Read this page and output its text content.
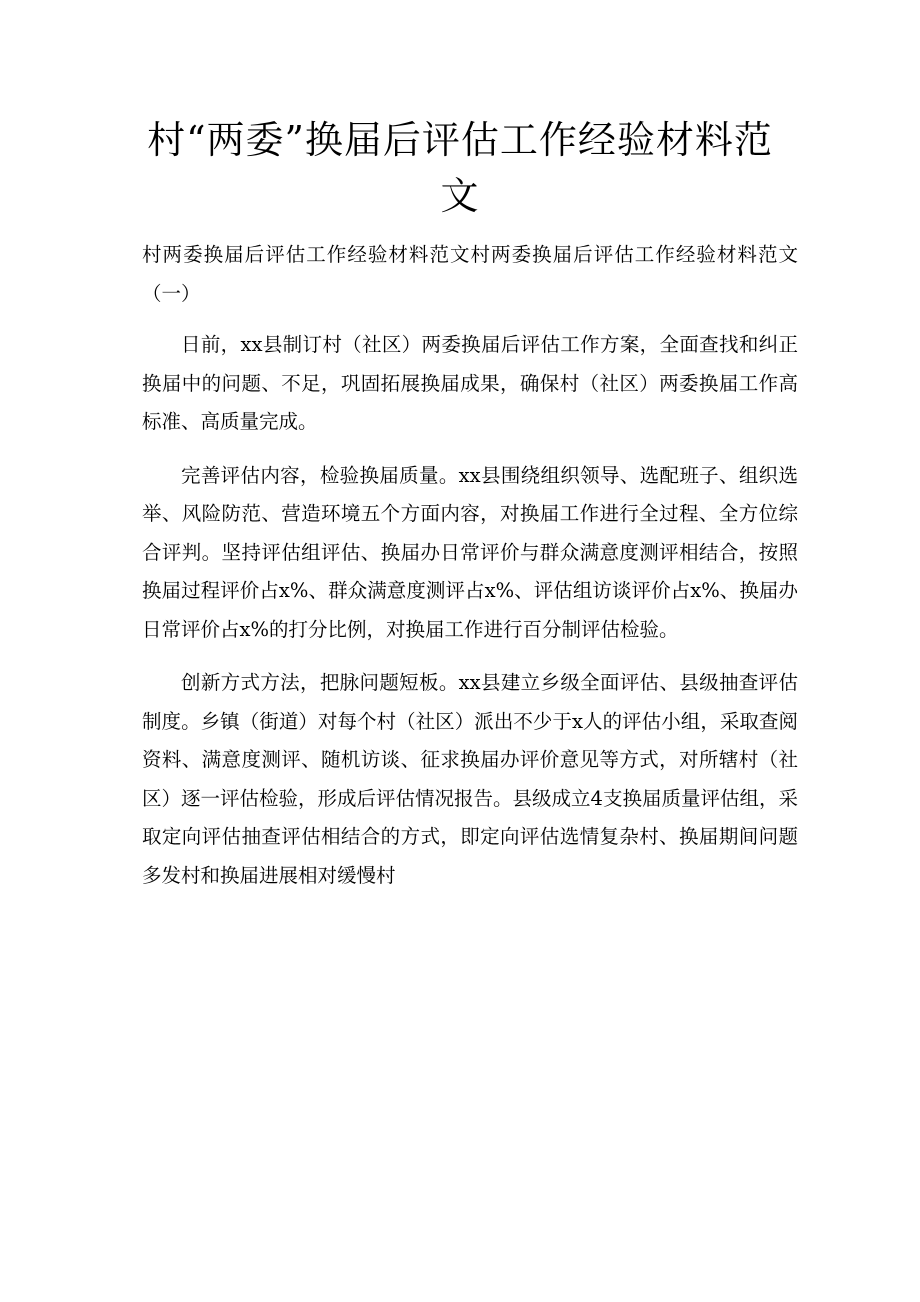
村“两委”换届后评估工作经验材料范文

村两委换届后评估工作经验材料范文村两委换届后评估工作经验材料范文（一）

日前，xx县制订村（社区）两委换届后评估工作方案，全面查找和纠正换届中的问题、不足，巩固拓展换届成果，确保村（社区）两委换届工作高标准、高质量完成。

完善评估内容，检验换届质量。xx县围绕组织领导、选配班子、组织选举、风险防范、营造环境五个方面内容，对换届工作进行全过程、全方位综合评判。坚持评估组评估、换届办日常评价与群众满意度测评相结合，按照换届过程评价占x%、群众满意度测评占x%、评估组访谈评价占x%、换届办日常评价占x%的打分比例，对换届工作进行百分制评估检验。

创新方式方法，把脉问题短板。xx县建立乡级全面评估、县级抽查评估制度。乡镇（街道）对每个村（社区）派出不少于x人的评估小组，采取查阅资料、满意度测评、随机访谈、征求换届办评价意见等方式，对所辖村（社区）逐一评估检验，形成后评估情况报告。县级成立4支换届质量评估组，采取定向评估抽查评估相结合的方式，即定向评估选情复杂村、换届期间问题多发村和换届进展相对缓慢村
